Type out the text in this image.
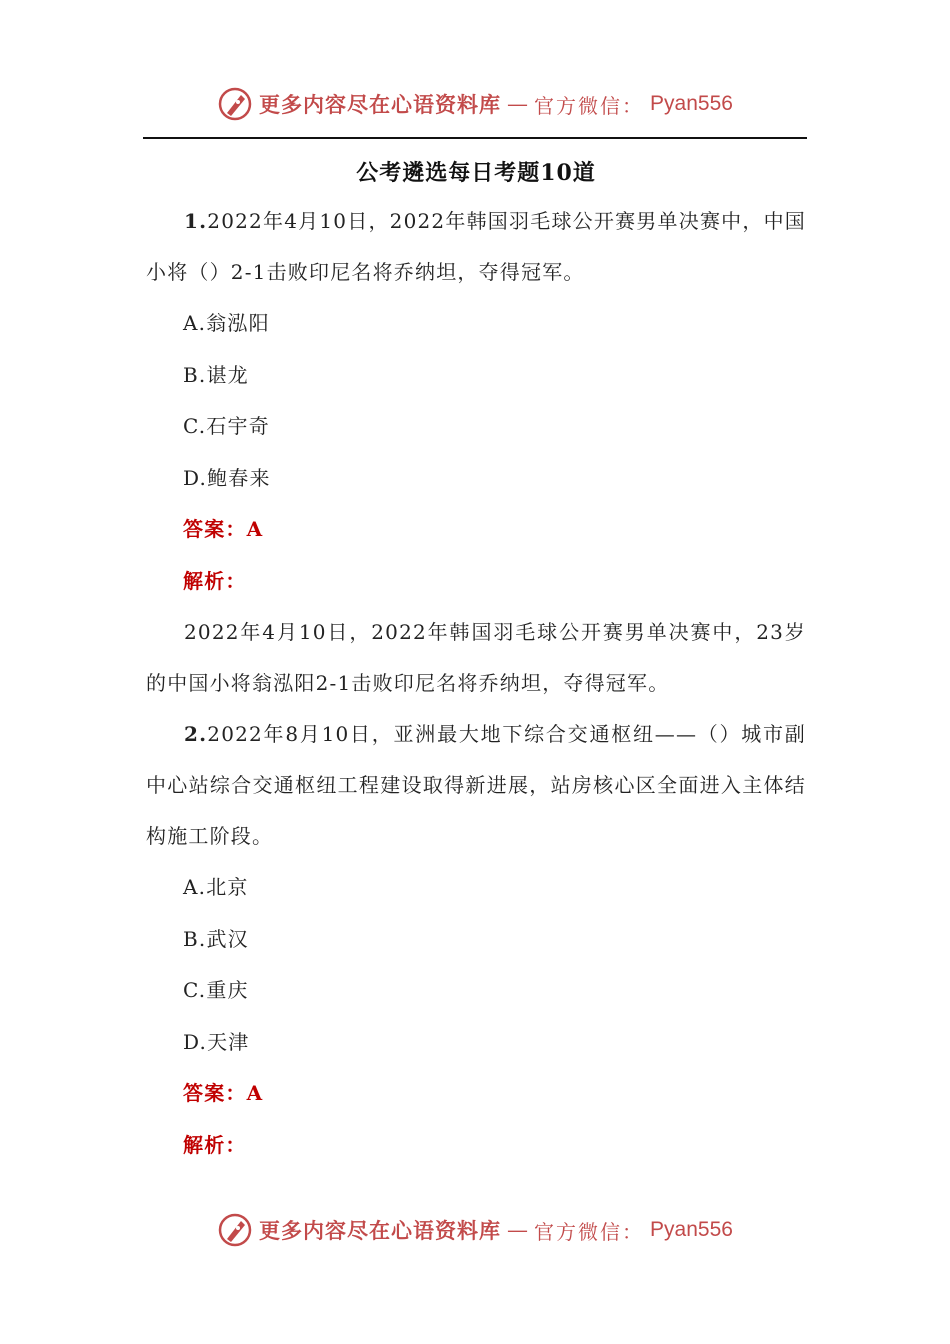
更多内容尽在心语资料库 — 官方微信： Pyan556
公考遴选每日考题10道

1.2022年4月10日，2022年韩国羽毛球公开赛男单决赛中，中国小将（）2-1击败印尼名将乔纳坦，夺得冠军。

A.翁泓阳

B.谌龙

C.石宇奇

D.鲍春来

答案：A

解析：

2022年4月10日，2022年韩国羽毛球公开赛男单决赛中，23岁的中国小将翁泓阳2-1击败印尼名将乔纳坦，夺得冠军。

2.2022年8月10日，亚洲最大地下综合交通枢纽——（）城市副中心站综合交通枢纽工程建设取得新进展，站房核心区全面进入主体结构施工阶段。

A.北京

B.武汉

C.重庆

D.天津

答案：A

解析：

更多内容尽在心语资料库 — 官方微信： Pyan556
